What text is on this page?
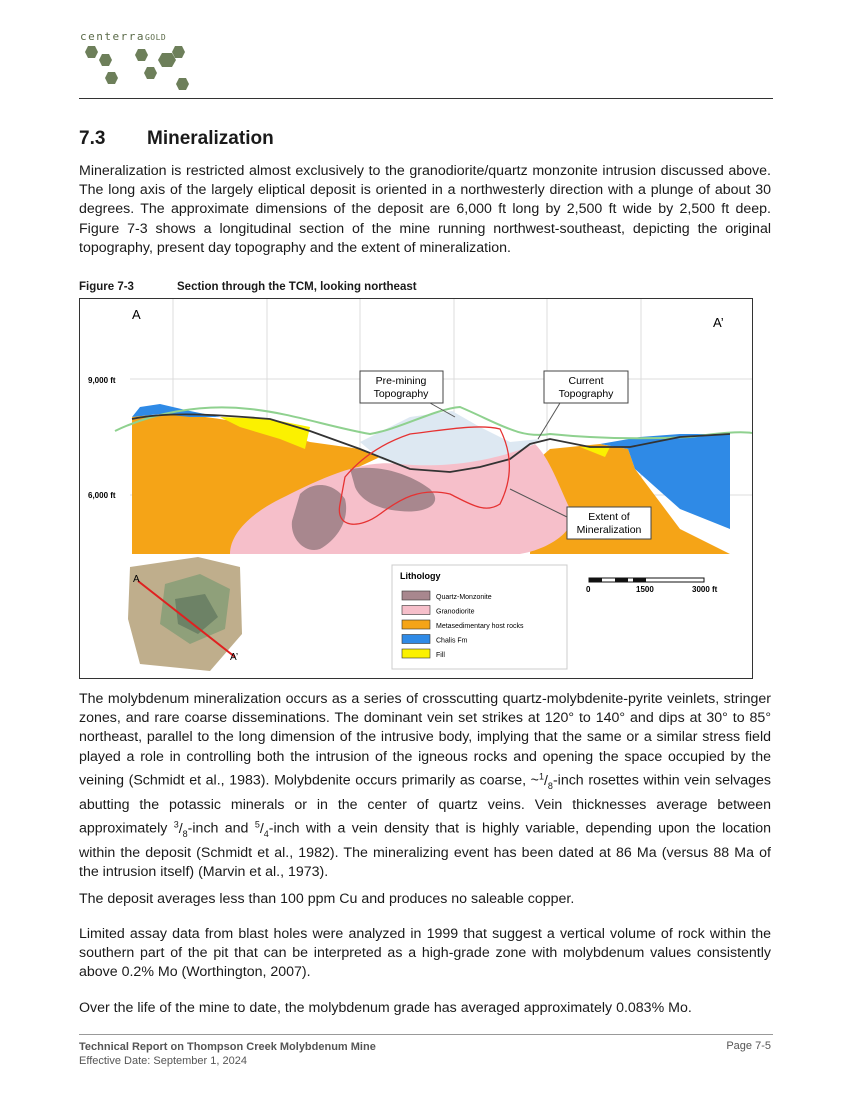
centerraGOLD
7.3 Mineralization
Mineralization is restricted almost exclusively to the granodiorite/quartz monzonite intrusion discussed above. The long axis of the largely eliptical deposit is oriented in a northwesterly direction with a plunge of about 30 degrees. The approximate dimensions of the deposit are 6,000 ft long by 2,500 ft wide by 2,500 ft deep. Figure 7-3 shows a longitudinal section of the mine running northwest-southeast, depicting the original topography, present day topography and the extent of mineralization.
Figure 7-3	Section through the TCM, looking northeast
Pre-mining
Topography
Current
Topography
Extent of
Mineralization
A
A’
9,000 ft
6,000 ft
A
A’
Lithology
Quartz-Monzonite
Granodiorite
Metasedimentary host rocks
Chalis Fm
Fill
0	1500	3000 ft
The molybdenum mineralization occurs as a series of crosscutting quartz-molybdenite-pyrite veinlets, stringer zones, and rare coarse disseminations. The dominant vein set strikes at 120° to 140° and dips at 30° to 85° northeast, parallel to the long dimension of the intrusive body, implying that the same or a similar stress field played a role in controlling both the intrusion of the igneous rocks and opening the space occupied by the veining (Schmidt et al., 1983). Molybdenite occurs primarily as coarse, $\sim^1/_8$-inch rosettes within vein selvages abutting the potassic minerals or in the center of quartz veins. Vein thicknesses average between approximately $^3/_8$-inch and $^5/_4$-inch with a vein density that is highly variable, depending upon the location within the deposit (Schmidt et al., 1982). The mineralizing event has been dated at 86 Ma (versus 88 Ma of the intrusion itself) (Marvin et al., 1973).
The deposit averages less than 100 ppm Cu and produces no saleable copper.
Limited assay data from blast holes were analyzed in 1999 that suggest a vertical volume of rock within the southern part of the pit that can be interpreted as a high-grade zone with molybdenum values consistently above 0.2% Mo (Worthington, 2007).
Over the life of the mine to date, the molybdenum grade has averaged approximately 0.083% Mo.
Technical Report on Thompson Creek Molybdenum Mine
Effective Date: September 1, 2024
Page 7-5
